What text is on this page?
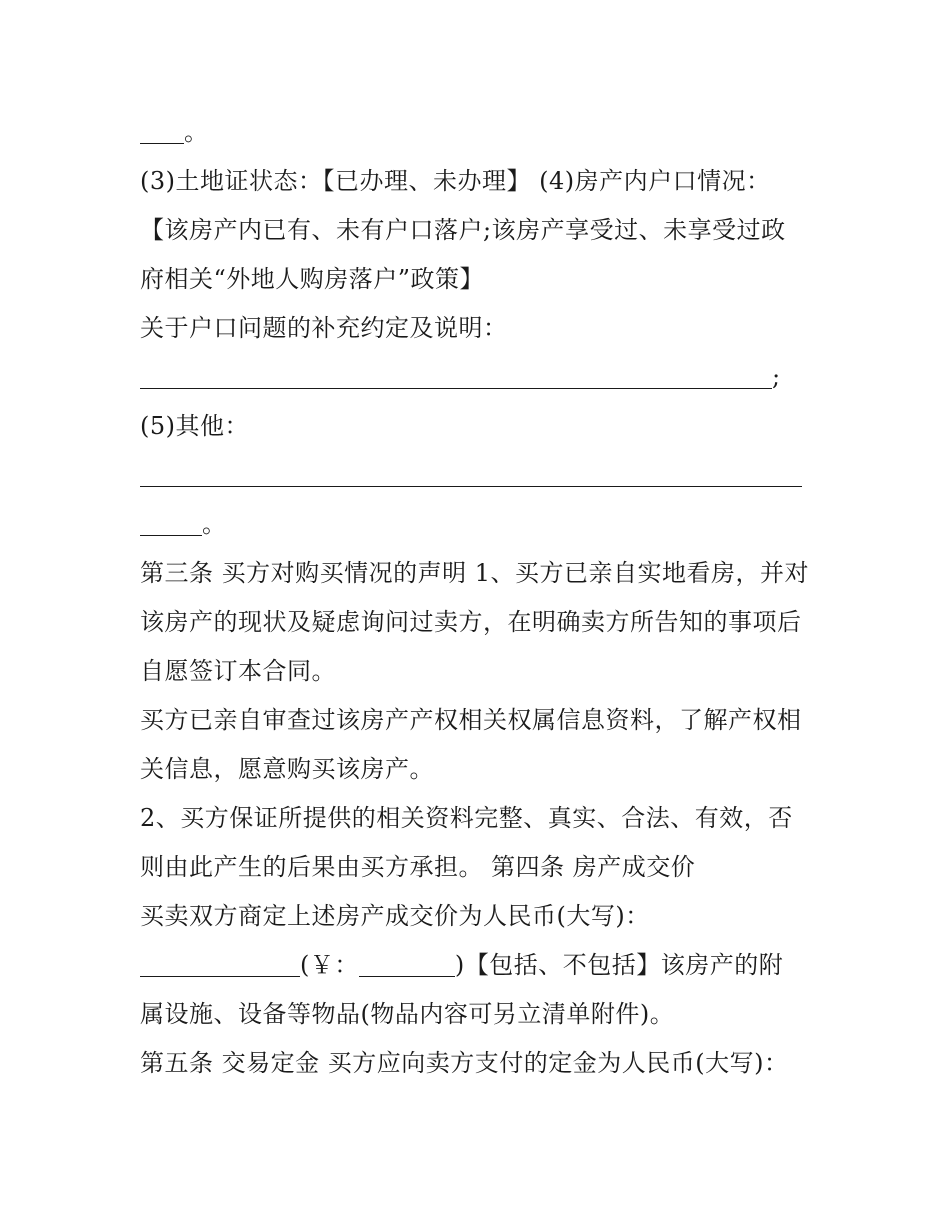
。
(3)土地证状态：【已办理、未办理】 (4)房产内户口情况：
【该房产内已有、未有户口落户;该房产享受过、未享受过政
府相关“外地人购房落户”政策】
关于户口问题的补充约定及说明：
;
(5)其他：
。
第三条 买方对购买情况的声明 1、买方已亲自实地看房，并对
该房产的现状及疑虑询问过卖方，在明确卖方所告知的事项后
自愿签订本合同。
买方已亲自审查过该房产产权相关权属信息资料，了解产权相
关信息，愿意购买该房产。
2、买方保证所提供的相关资料完整、真实、合法、有效，否
则由此产生的后果由买方承担。 第四条 房产成交价
买卖双方商定上述房产成交价为人民币(大写)：
(￥：	)【包括、不包括】该房产的附
属设施、设备等物品(物品内容可另立清单附件)。
第五条 交易定金 买方应向卖方支付的定金为人民币(大写)：
